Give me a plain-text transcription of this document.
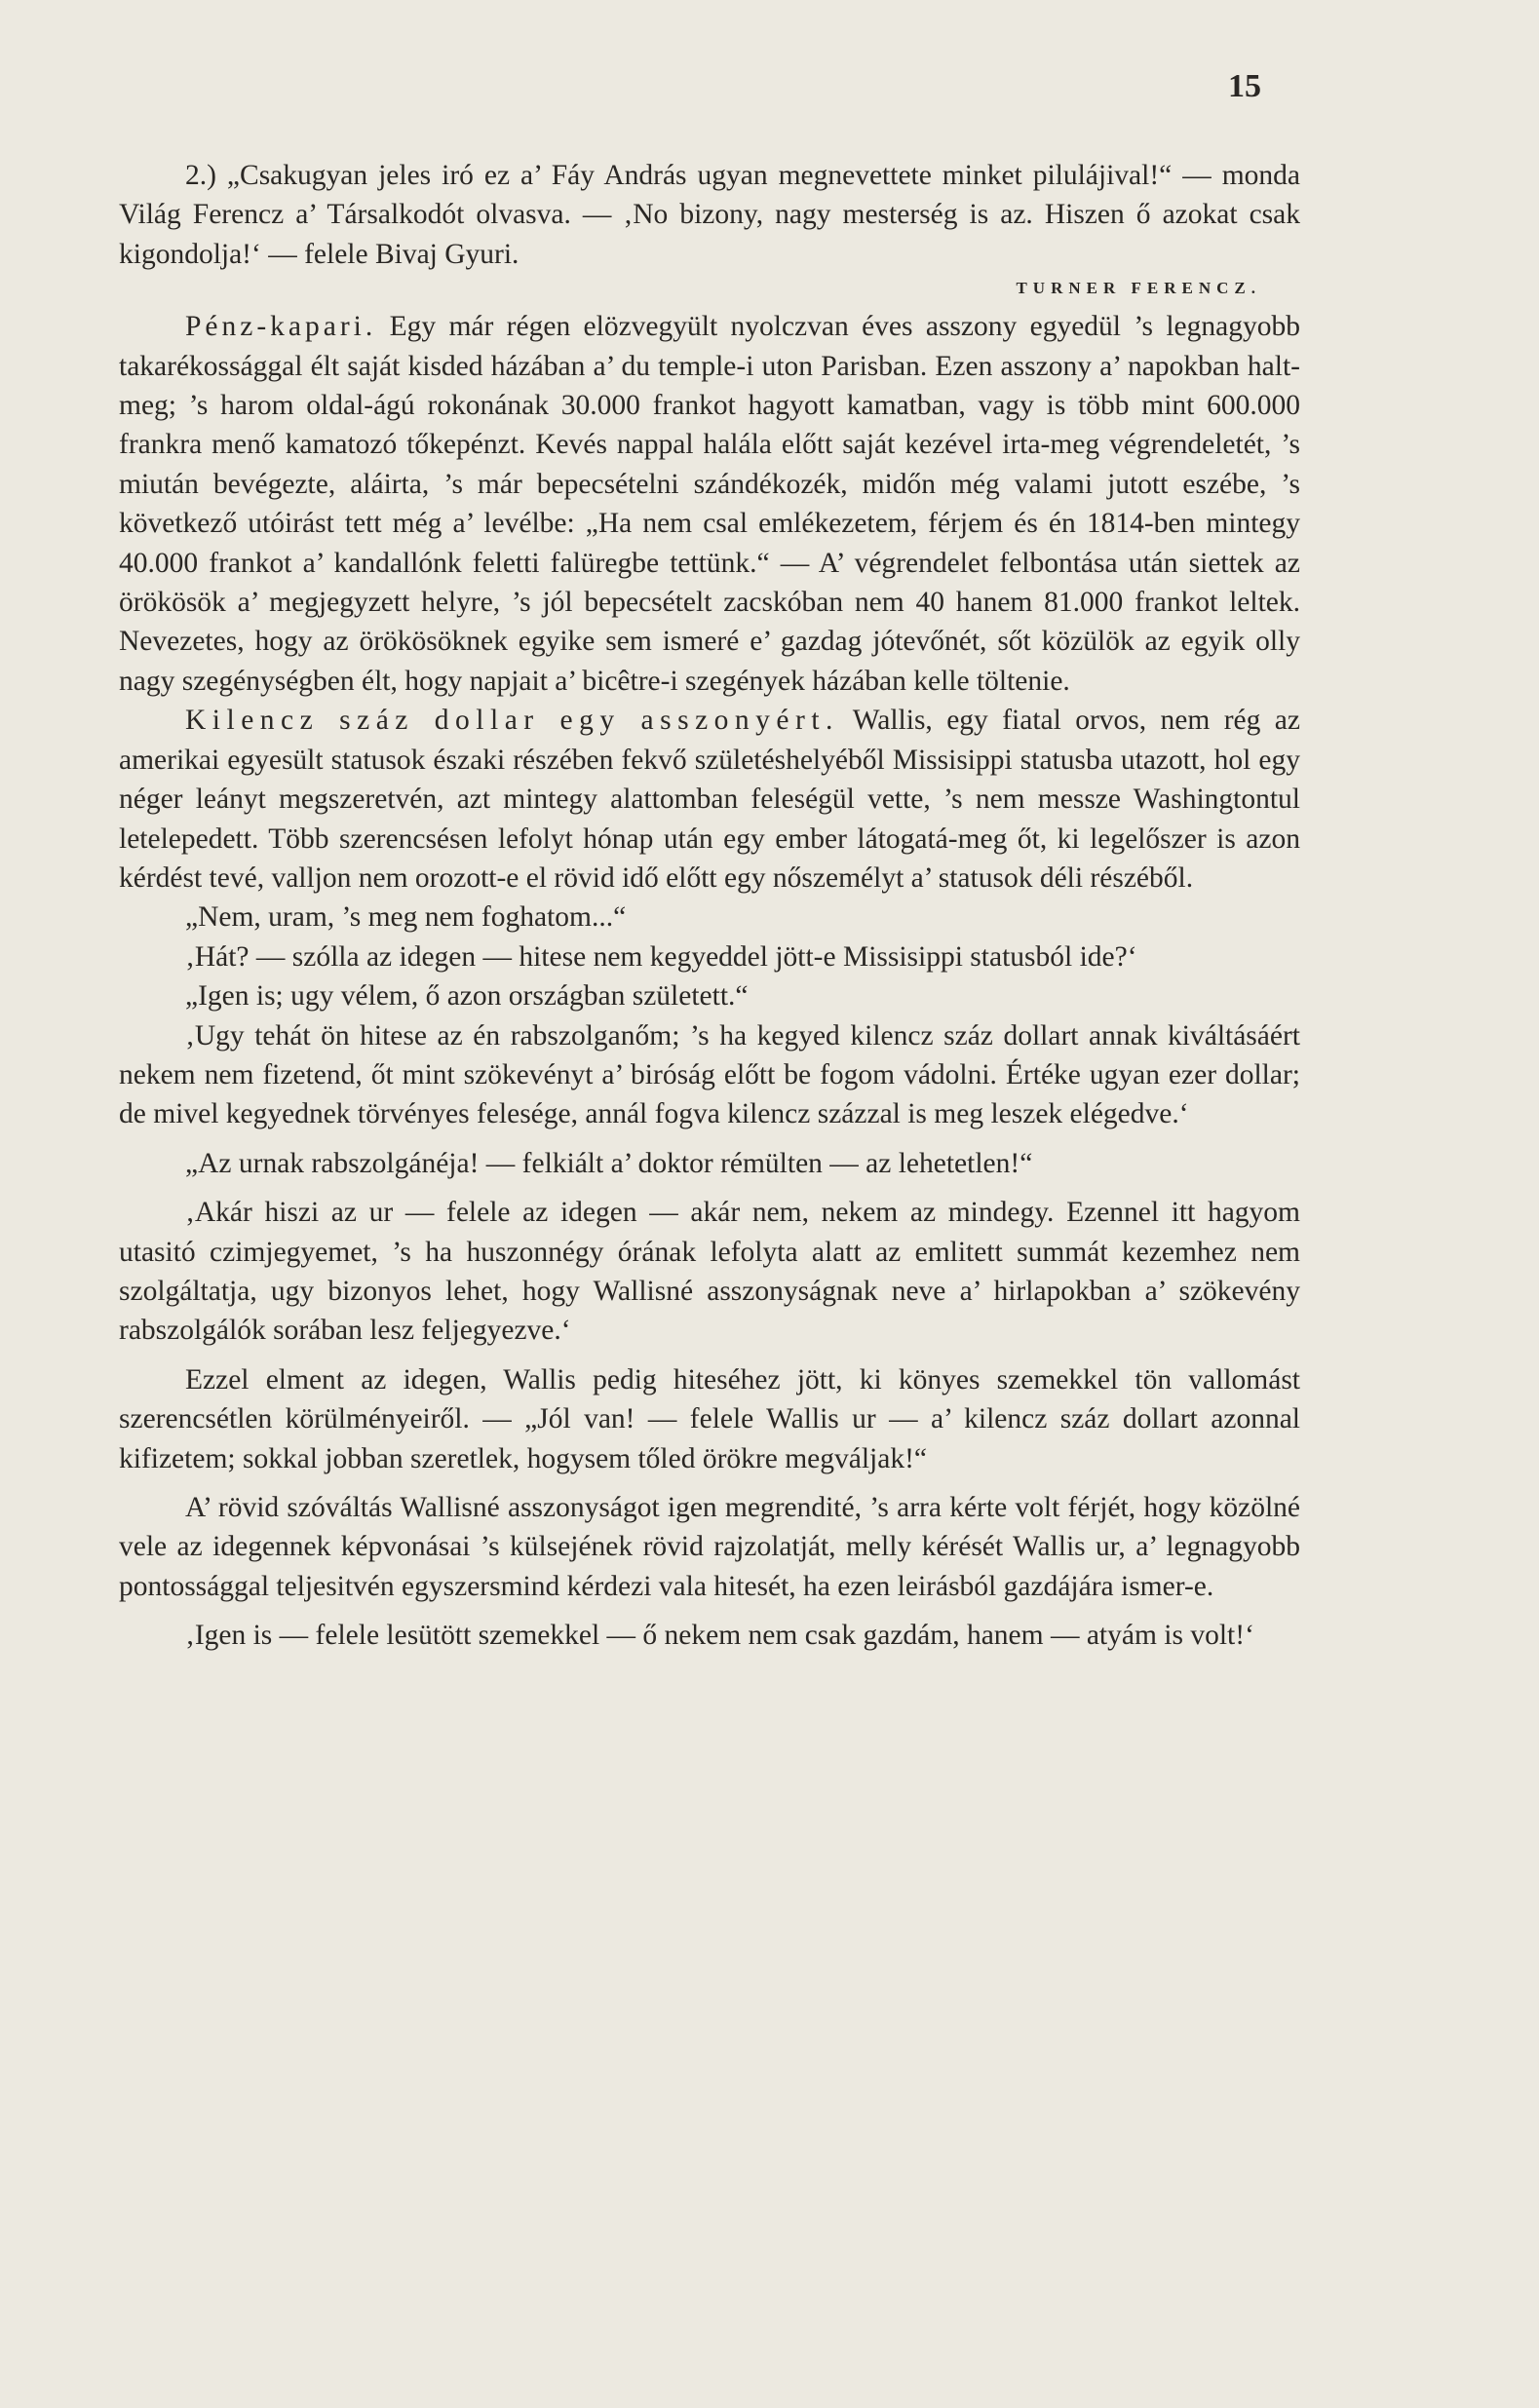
15

2.) „Csakugyan jeles iró ez a’ Fáy András ugyan megnevettete minket pilulájival!“ — monda Világ Ferencz a’ Társalkodót olvasva. — ‚No bizony, nagy mesterség is az. Hiszen ő azokat csak kigondolja!‘ — felele Bivaj Gyuri.

TURNER FERENCZ.

Pénz-kapari. Egy már régen elözvegyült nyolczvan éves asszony egyedül ’s legnagyobb takarékossággal élt saját kisded házában a’ du temple-i uton Parisban. Ezen asszony a’ napokban halt-meg; ’s harom oldal-ágú rokonának 30.000 frankot hagyott kamatban, vagy is több mint 600.000 frankra menő kamatozó tőkepénzt. Kevés nappal halála előtt saját kezével irta-meg végrendeletét, ’s miután bevégezte, aláirta, ’s már bepecsételni szándékozék, midőn még valami jutott eszébe, ’s következő utóirást tett még a’ levélbe: „Ha nem csal emlékezetem, férjem és én 1814-ben mintegy 40.000 frankot a’ kandallónk feletti falüregbe tettünk.“ — A’ végrendelet felbontása után siettek az örökösök a’ megjegyzett helyre, ’s jól bepecsételt zacskóban nem 40 hanem 81.000 frankot leltek. Nevezetes, hogy az örökösöknek egyike sem ismeré e’ gazdag jótevőnét, sőt közülök az egyik olly nagy szegénységben élt, hogy napjait a’ bicêtre-i szegények házában kelle töltenie.

Kilencz száz dollar egy asszonyért. Wallis, egy fiatal orvos, nem rég az amerikai egyesült statusok északi részében fekvő születéshelyéből Missisippi statusba utazott, hol egy néger leányt megszeretvén, azt mintegy alattomban feleségül vette, ’s nem messze Washingtontul letelepedett. Több szerencsésen lefolyt hónap után egy ember látogatá-meg őt, ki legelőszer is azon kérdést tevé, valljon nem orozott-e el rövid idő előtt egy nőszemélyt a’ statusok déli részéből.

„Nem, uram, ’s meg nem foghatom...“

‚Hát? — szólla az idegen — hitese nem kegyeddel jött-e Missisippi statusból ide?‘

„Igen is; ugy vélem, ő azon országban született.“

‚Ugy tehát ön hitese az én rabszolganőm; ’s ha kegyed kilencz száz dollart annak kiváltásáért nekem nem fizetend, őt mint szökevényt a’ biróság előtt be fogom vádolni. Értéke ugyan ezer dollar; de mivel kegyednek törvényes felesége, annál fogva kilencz százzal is meg leszek elégedve.‘

„Az urnak rabszolgánéja! — felkiált a’ doktor rémülten — az lehetetlen!“

‚Akár hiszi az ur — felele az idegen — akár nem, nekem az mindegy. Ezennel itt hagyom utasitó czimjegyemet, ’s ha huszonnégy órának lefolyta alatt az emlitett summát kezemhez nem szolgáltatja, ugy bizonyos lehet, hogy Wallisné asszonyságnak neve a’ hirlapokban a’ szökevény rabszolgálók sorában lesz feljegyezve.‘

Ezzel elment az idegen, Wallis pedig hiteséhez jött, ki könyes szemekkel tön vallomást szerencsétlen körülményeiről. — „Jól van! — felele Wallis ur — a’ kilencz száz dollart azonnal kifizetem; sokkal jobban szeretlek, hogysem tőled örökre megváljak!“

A’ rövid szóváltás Wallisné asszonyságot igen megrendité, ’s arra kérte volt férjét, hogy közölné vele az idegennek képvonásai ’s külsejének rövid rajzolatját, melly kérését Wallis ur, a’ legnagyobb pontossággal teljesitvén egyszersmind kérdezi vala hitesét, ha ezen leirásból gazdájára ismer-e.

‚Igen is — felele lesütött szemekkel — ő nekem nem csak gazdám, hanem — atyám is volt!‘
